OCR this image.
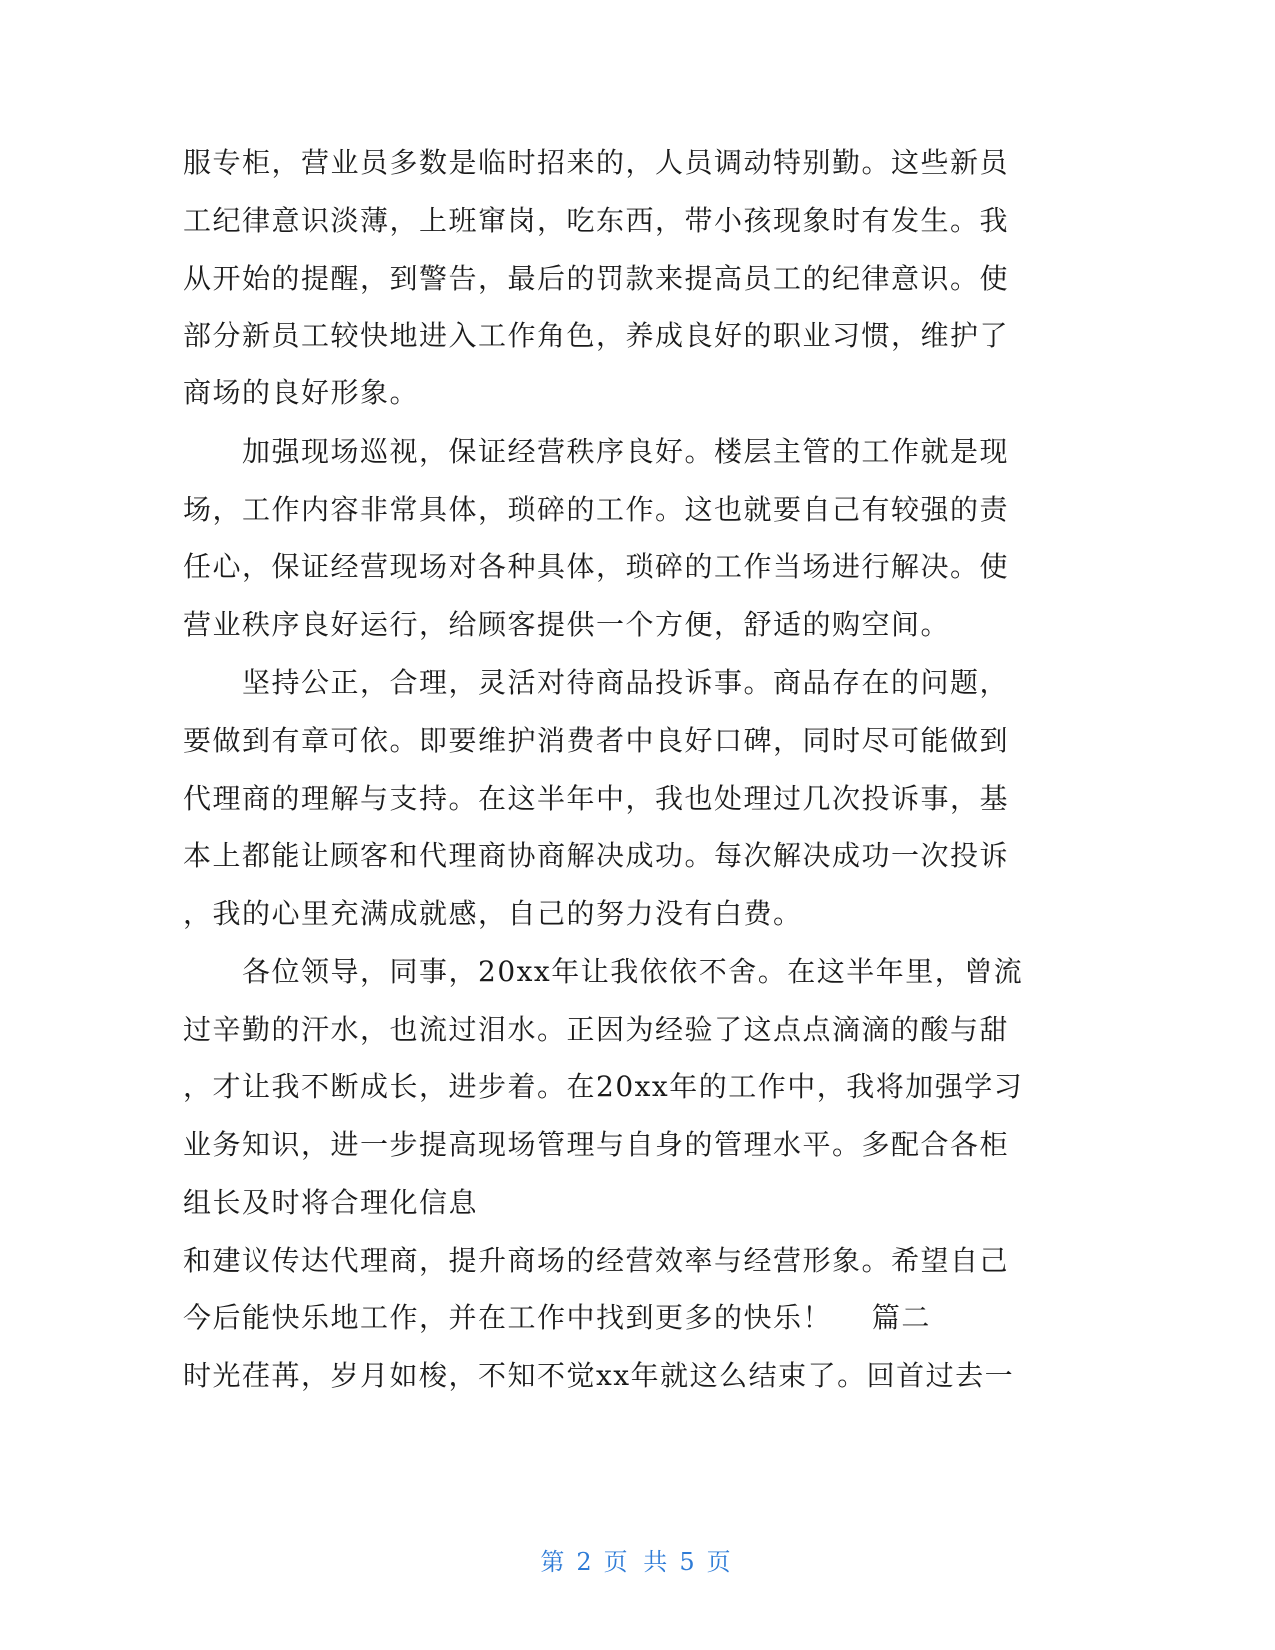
服专柜，营业员多数是临时招来的，人员调动特别勤。这些新员
工纪律意识淡薄，上班窜岗，吃东西，带小孩现象时有发生。我
从开始的提醒，到警告，最后的罚款来提高员工的纪律意识。使
部分新员工较快地进入工作角色，养成良好的职业习惯，维护了
商场的良好形象。
　　加强现场巡视，保证经营秩序良好。楼层主管的工作就是现
场，工作内容非常具体，琐碎的工作。这也就要自己有较强的责
任心，保证经营现场对各种具体，琐碎的工作当场进行解决。使
营业秩序良好运行，给顾客提供一个方便，舒适的购空间。
　　坚持公正，合理，灵活对待商品投诉事。商品存在的问题，
要做到有章可依。即要维护消费者中良好口碑，同时尽可能做到
代理商的理解与支持。在这半年中，我也处理过几次投诉事，基
本上都能让顾客和代理商协商解决成功。每次解决成功一次投诉
，我的心里充满成就感，自己的努力没有白费。
　　各位领导，同事，20xx年让我依依不舍。在这半年里，曾流
过辛勤的汗水，也流过泪水。正因为经验了这点点滴滴的酸与甜
，才让我不断成长，进步着。在20xx年的工作中，我将加强学习
业务知识，进一步提高现场管理与自身的管理水平。多配合各柜
组长及时将合理化信息
和建议传达代理商，提升商场的经营效率与经营形象。希望自己
今后能快乐地工作，并在工作中找到更多的快乐！　 篇二
时光荏苒，岁月如梭，不知不觉xx年就这么结束了。回首过去一
第 2 页 共 5 页
